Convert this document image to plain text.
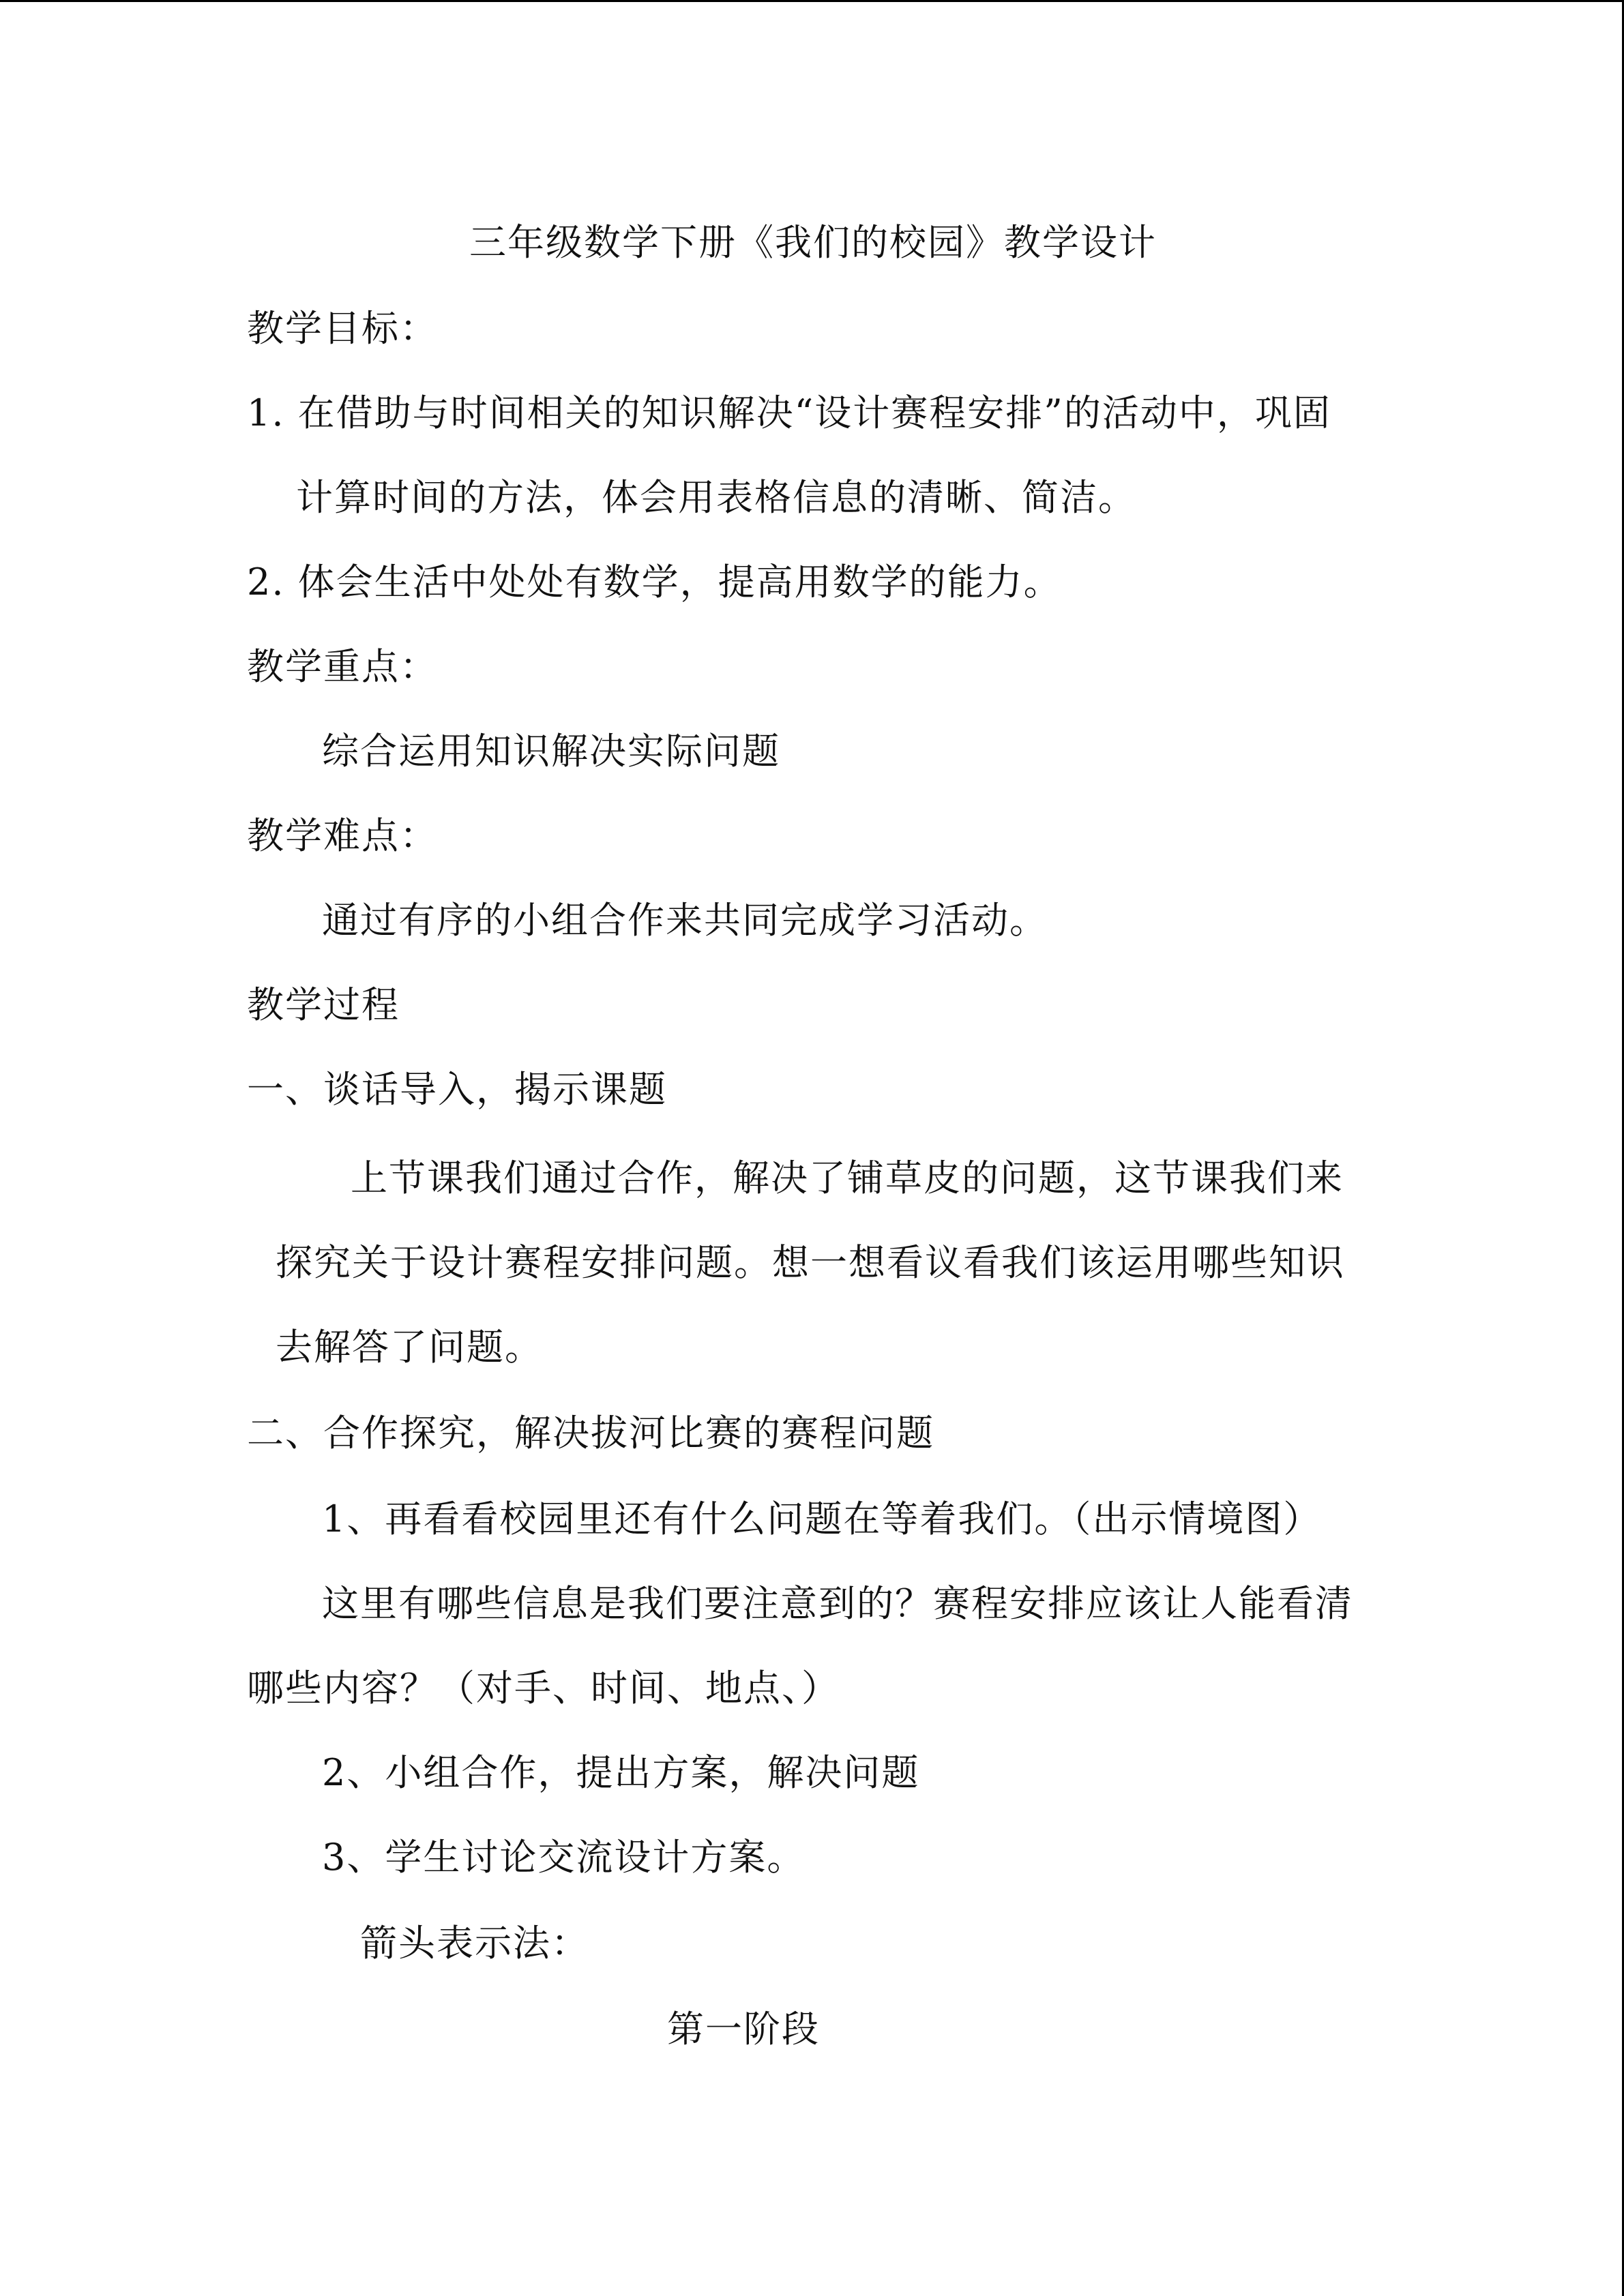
三年级数学下册《我们的校园》教学设计
教学目标：
1. 在借助与时间相关的知识解决“设计赛程安排”的活动中，巩固
计算时间的方法，体会用表格信息的清晰、简洁。
2. 体会生活中处处有数学，提高用数学的能力。
教学重点：
综合运用知识解决实际问题
教学难点：
通过有序的小组合作来共同完成学习活动。
教学过程
一、谈话导入，揭示课题
上节课我们通过合作，解决了铺草皮的问题，这节课我们来
探究关于设计赛程安排问题。想一想看议看我们该运用哪些知识
去解答了问题。
二、合作探究，解决拔河比赛的赛程问题
1、再看看校园里还有什么问题在等着我们。（出示情境图）
这里有哪些信息是我们要注意到的？赛程安排应该让人能看清
哪些内容？（对手、时间、地点、）
2、小组合作，提出方案，解决问题
3、学生讨论交流设计方案。
箭头表示法：
第一阶段
